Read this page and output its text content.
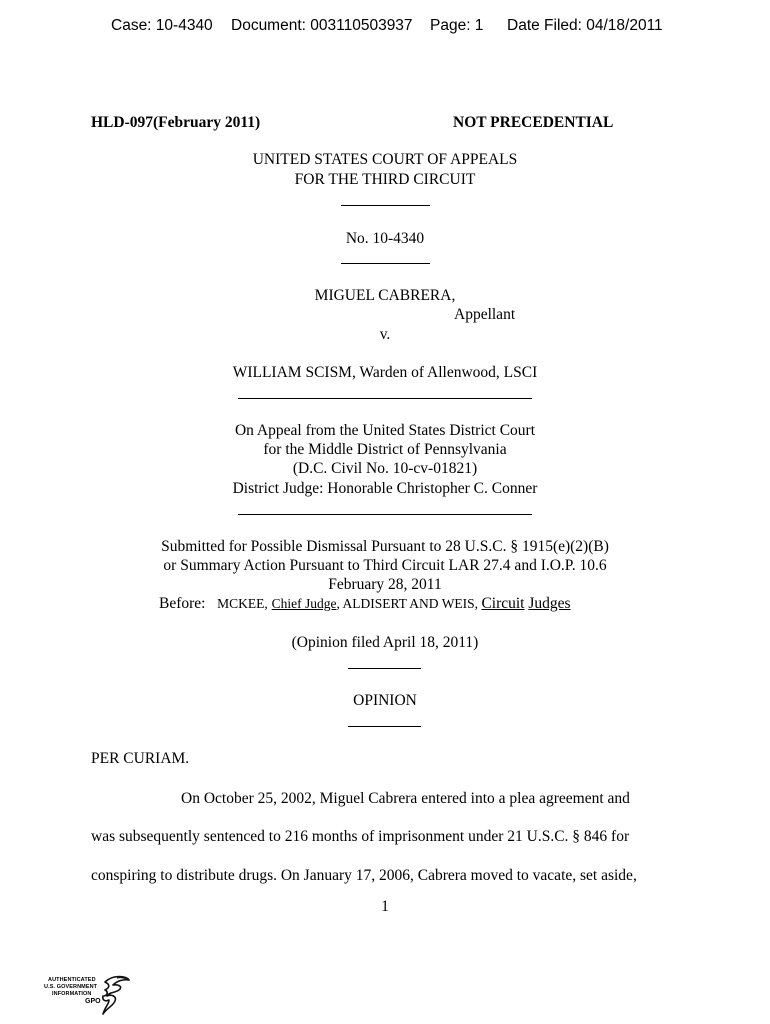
Case: 10-4340 Document: 003110503937 Page: 1 Date Filed: 04/18/2011
HLD-097(February 2011)	NOT PRECEDENTIAL
UNITED STATES COURT OF APPEALS
FOR THE THIRD CIRCUIT
No. 10-4340
MIGUEL CABRERA,
Appellant
v.
WILLIAM SCISM, Warden of Allenwood, LSCI
On Appeal from the United States District Court
for the Middle District of Pennsylvania
(D.C. Civil No. 10-cv-01821)
District Judge: Honorable Christopher C. Conner
Submitted for Possible Dismissal Pursuant to 28 U.S.C. § 1915(e)(2)(B)
or Summary Action Pursuant to Third Circuit LAR 27.4 and I.O.P. 10.6
February 28, 2011
Before: MCKEE, Chief Judge, ALDISERT AND WEIS, Circuit Judges
(Opinion filed April 18, 2011)
OPINION
PER CURIAM.
On October 25, 2002, Miguel Cabrera entered into a plea agreement and
was subsequently sentenced to 216 months of imprisonment under 21 U.S.C. § 846 for
conspiring to distribute drugs. On January 17, 2006, Cabrera moved to vacate, set aside,
1
AUTHENTICATED
U.S. GOVERNMENT
INFORMATION
GPO
